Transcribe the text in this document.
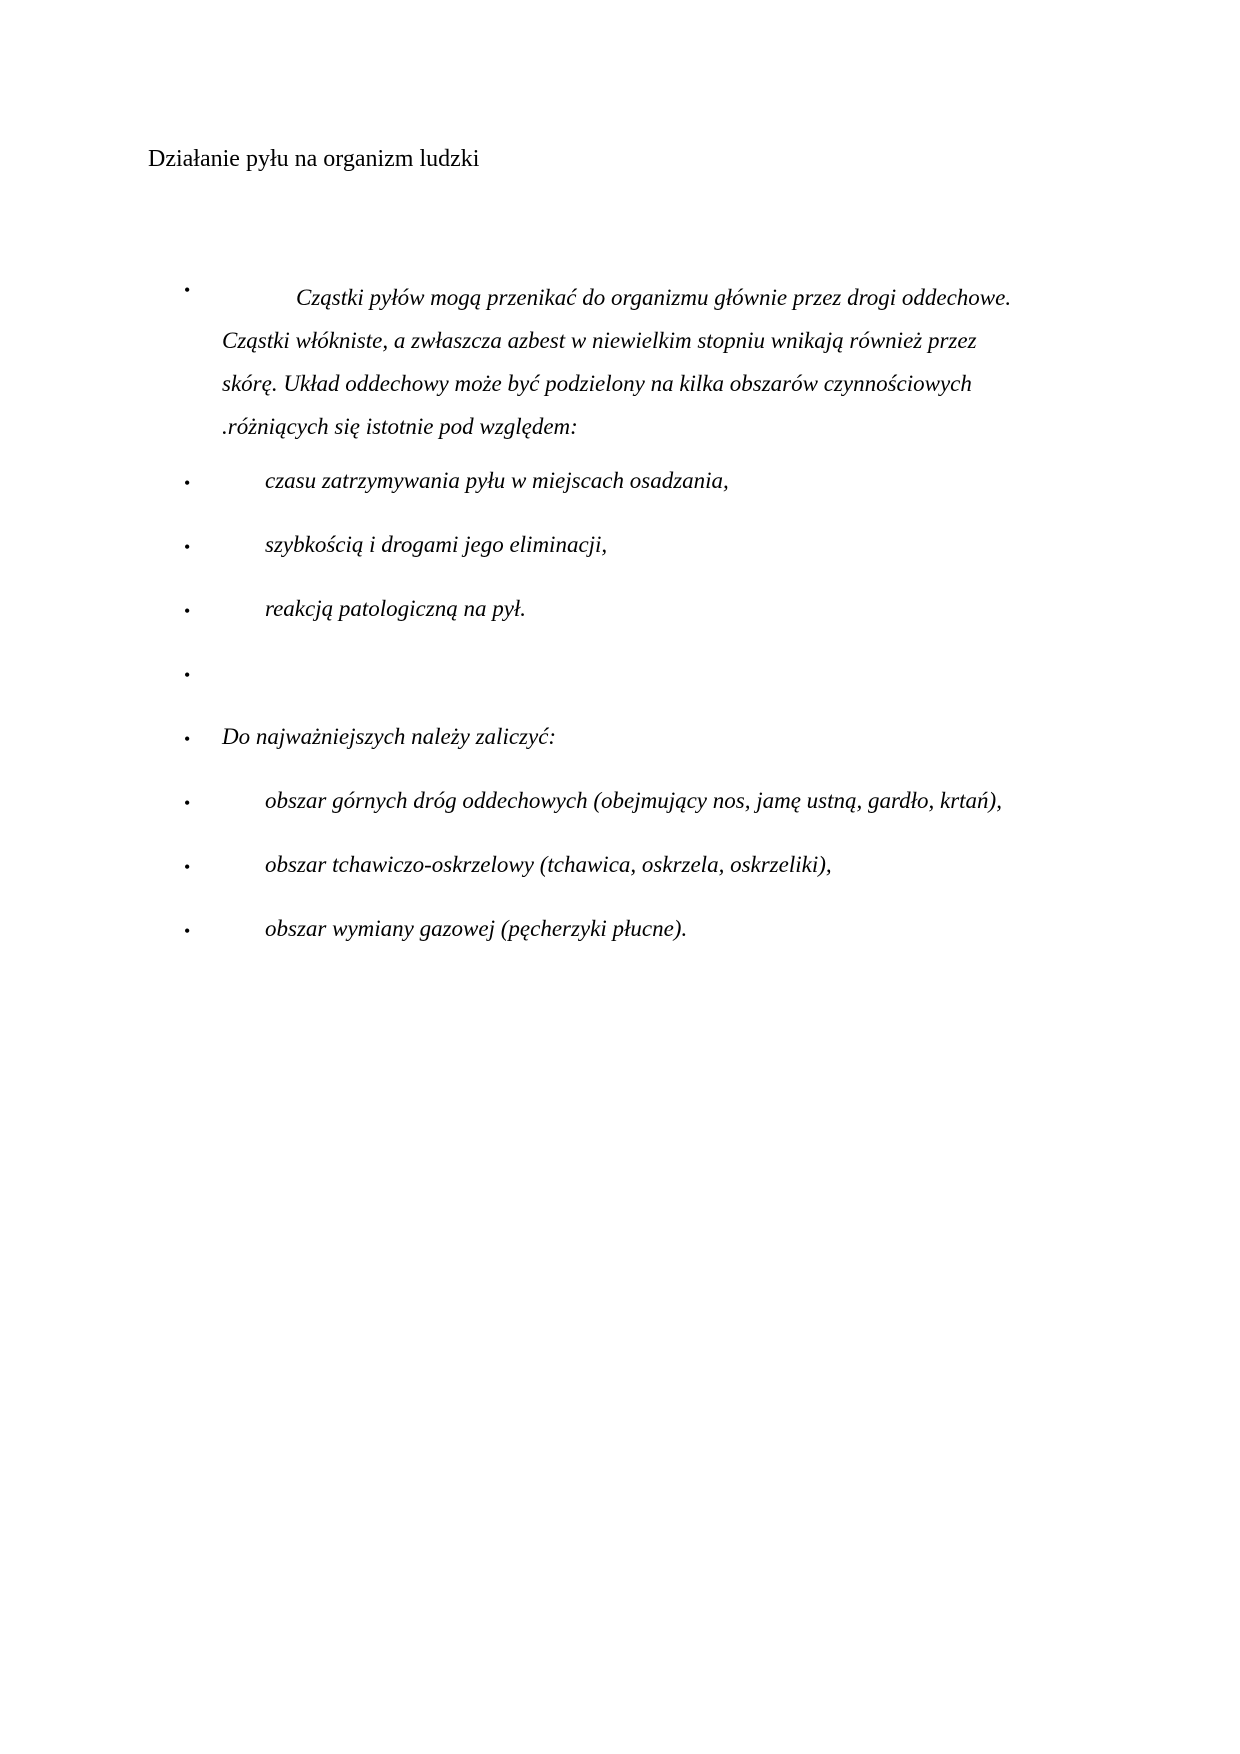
Działanie pyłu na organizm ludzki
•	Cząstki pyłów mogą przenikać do organizmu głównie przez drogi oddechowe.
Cząstki włókniste, a zwłaszcza azbest w niewielkim stopniu wnikają również przez
skórę. Układ oddechowy może być podzielony na kilka obszarów czynnościowych
.różniących się istotnie pod względem:
•	czasu zatrzymywania pyłu w miejscach osadzania,
•	szybkością i drogami jego eliminacji,
•	reakcją patologiczną na pył.
•
• Do najważniejszych należy zaliczyć:
•	obszar górnych dróg oddechowych (obejmujący nos, jamę ustną, gardło, krtań),
•	obszar tchawiczo-oskrzelowy (tchawica, oskrzela, oskrzeliki),
•	obszar wymiany gazowej (pęcherzyki płucne).
